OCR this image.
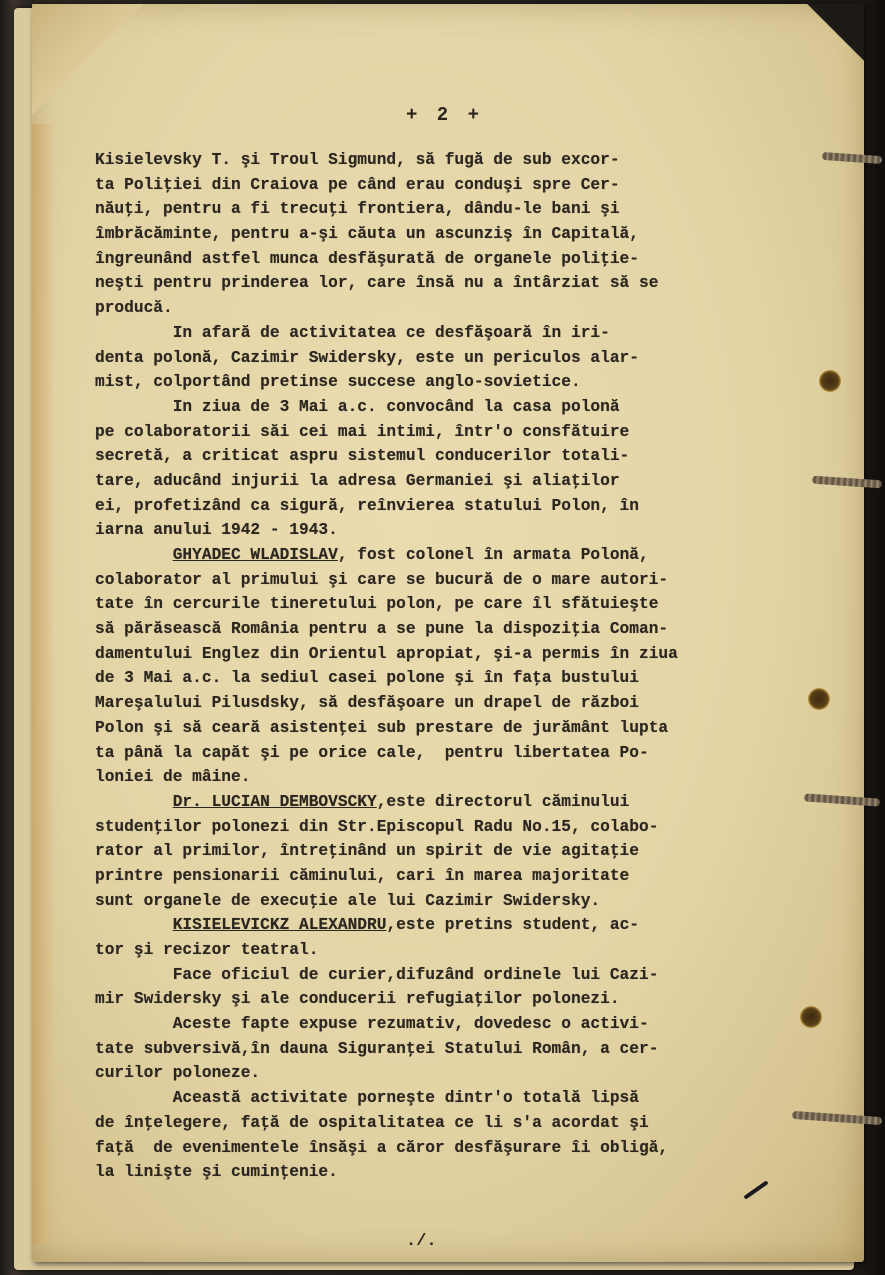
+ 2 +
Kisielevsky T. şi Troul Sigmund, să fugă de sub excor-
ta Poliţiei din Craiova pe când erau conduşi spre Cer-
năuţi, pentru a fi trecuţi frontiera, dându-le bani şi
îmbrăcăminte, pentru a-şi căuta un ascunziş în Capitală,
îngreunând astfel munca desfăşurată de organele poliţie-
neşti pentru prinderea lor, care însă nu a întârziat să se
producă.
In afară de activitatea ce desfăşoară în iri-
denta polonă, Cazimir Swidersky, este un periculos alar-
mist, colportând pretinse succese anglo-sovietice.
In ziua de 3 Mai a.c. convocând la casa polonă
pe colaboratorii săi cei mai intimi, într'o consfătuire
secretă, a criticat aspru sistemul conducerilor totali-
tare, aducând injurii la adresa Germaniei şi aliaţilor
ei, profetizând ca sigură, reînvierea statului Polon, în
iarna anului 1942 - 1943.
GHYADEC WLADISLAV, fost colonel în armata Polonă,
colaborator al primului şi care se bucură de o mare autori-
tate în cercurile tineretului polon, pe care îl sfătuieşte
să părăsească România pentru a se pune la dispoziţia Coman-
damentului Englez din Orientul apropiat, şi-a permis în ziua
de 3 Mai a.c. la sediul casei polone şi în faţa bustului
Mareşalului Pilusdsky, să desfăşoare un drapel de război
Polon şi să ceară asistenţei sub prestare de jurământ lupta
ta până la capăt şi pe orice cale,  pentru libertatea Po-
loniei de mâine.
Dr. LUCIAN DEMBOVSCKY,este directorul căminului
studenţilor polonezi din Str.Episcopul Radu No.15, colabo-
rator al primilor, întreţinând un spirit de vie agitaţie
printre pensionarii căminului, cari în marea majoritate
sunt organele de execuţie ale lui Cazimir Swidersky.
KISIELEVICKZ ALEXANDRU,este pretins student, ac-
tor şi recizor teatral.
Face oficiul de curier,difuzând ordinele lui Cazi-
mir Swidersky şi ale conducerii refugiaţilor polonezi.
Aceste fapte expuse rezumativ, dovedesc o activi-
tate subversivă,în dauna Siguranţei Statului Român, a cer-
curilor poloneze.
Această activitate porneşte dintr'o totală lipsă
de înţelegere, faţă de ospitalitatea ce li s'a acordat şi
faţă  de evenimentele însăşi a căror desfăşurare îi obligă,
la linişte şi cuminţenie.
./.
